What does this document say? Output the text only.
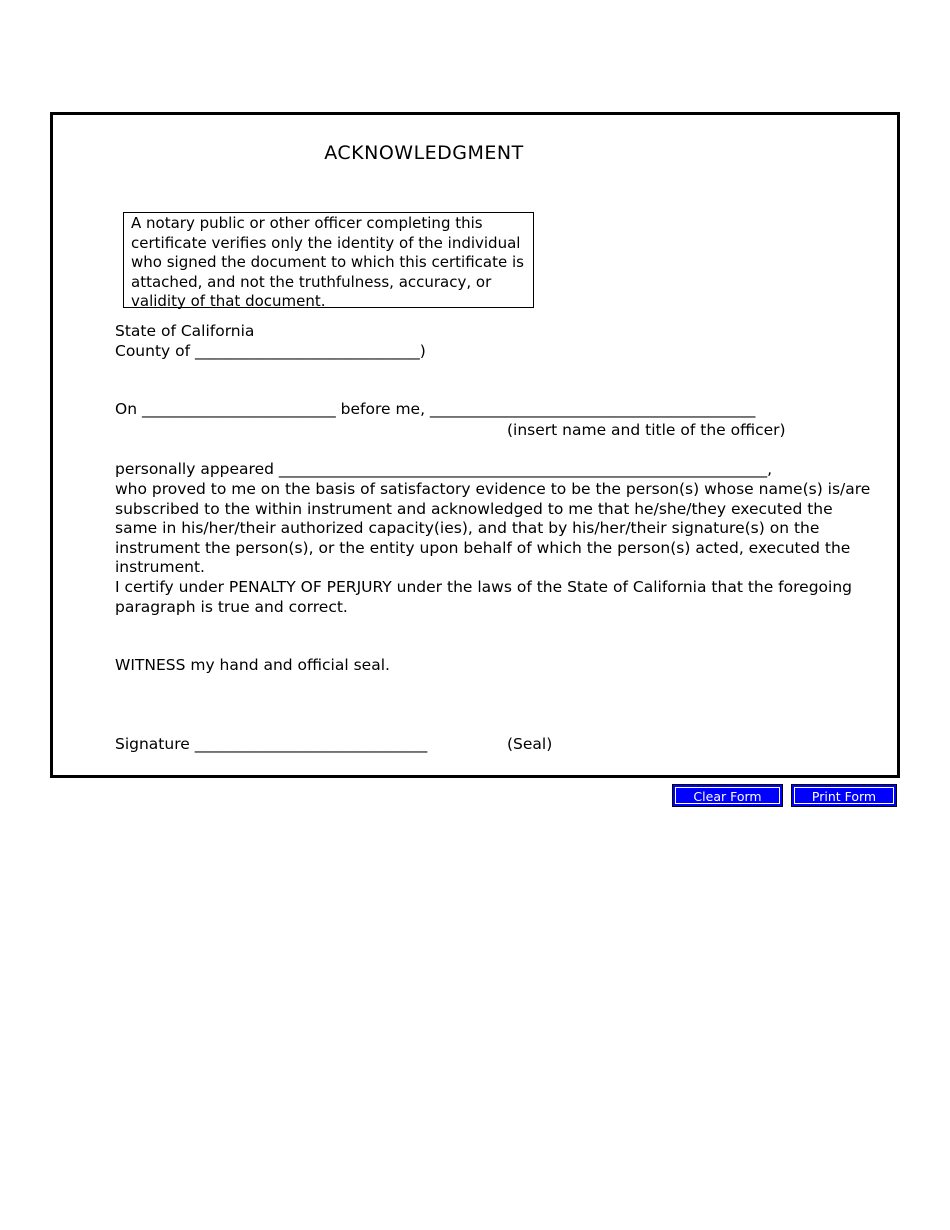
ACKNOWLEDGMENT
A notary public or other officer completing this certificate verifies only the identity of the individual who signed the document to which this certificate is attached, and not the truthfulness, accuracy, or validity of that document.
State of California
County of _____________________________)
On _________________________ before me, __________________________________________
(insert name and title of the officer)
personally appeared _______________________________________________________________,
who proved to me on the basis of satisfactory evidence to be the person(s) whose name(s) is/are subscribed to the within instrument and acknowledged to me that he/she/they executed the same in his/her/their authorized capacity(ies), and that by his/her/their signature(s) on the instrument the person(s), or the entity upon behalf of which the person(s) acted, executed the instrument.
I certify under PENALTY OF PERJURY under the laws of the State of California that the foregoing paragraph is true and correct.
WITNESS my hand and official seal.
Signature ______________________________	(Seal)
Clear Form	Print Form
